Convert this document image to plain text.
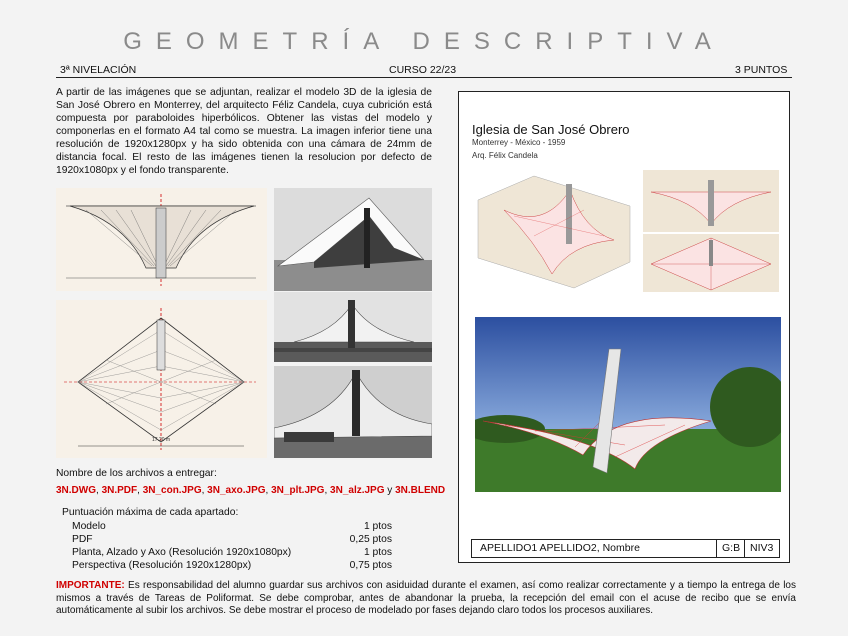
GEOMETRÍA DESCRIPTIVA
3ª NIVELACIÓN	CURSO 22/23	3 PUNTOS
A partir de las imágenes que se adjuntan, realizar el modelo 3D de la iglesia de San José Obrero en Monterrey, del arquitecto Féliz Candela, cuya cubrición está compuesta por paraboloides hiperbólicos. Obtener las vistas del modelo y componerlas en el formato A4 tal como se muestra. La imagen inferior tiene una resolución de 1920x1280px y ha sido obtenida con una cámara de 24mm de distancia focal. El resto de las imágenes tienen la resolucion por defecto de 1920x1080px y el fondo transparente.
17.20 m
Nombre de los archivos a entregar:
3N.DWG, 3N.PDF, 3N_con.JPG, 3N_axo.JPG, 3N_plt.JPG, 3N_alz.JPG y 3N.BLEND
Puntuación máxima de cada apartado:
Modelo	1 ptos
PDF	0,25 ptos
Planta, Alzado y Axo (Resolución 1920x1080px)	1 ptos
Perspectiva (Resolución 1920x1280px)	0,75 ptos
IMPORTANTE: Es responsabilidad del alumno guardar sus archivos con asiduidad durante el examen, así como realizar correctamente y a tiempo la entrega de los mismos a través de Tareas de Poliformat. Se debe comprobar, antes de abandonar la prueba, la recepción del email con el acuse de recibo que se envía automáticamente al subir los archivos. Se debe mostrar el proceso de modelado por fases dejando claro todos los procesos auxiliares.
Iglesia de San José Obrero
Monterrey - México - 1959
Arq. Félix Candela
APELLIDO1 APELLIDO2, Nombre	G:B NIV3
